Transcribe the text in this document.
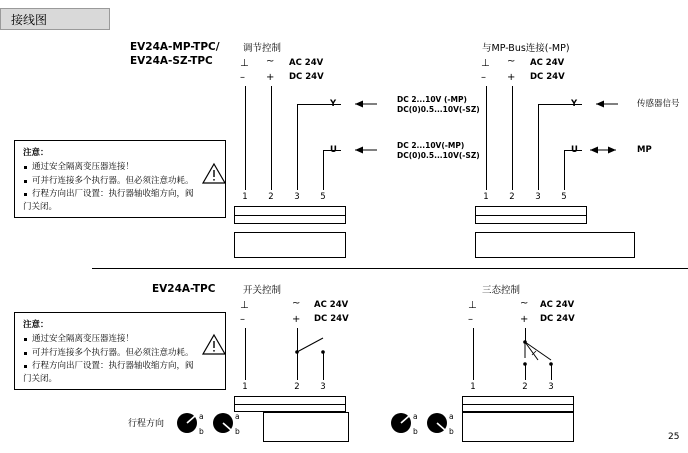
接线图
EV24A-MP-TPC/
EV24A-SZ-TPC
注意：
通过安全隔离变压器连接！
可并行连接多个执行器。但必须注意功耗。
行程方向出厂设置：执行器轴收缩方向，阀
门关闭。
调节控制
⊥ ~
– +
AC 24V
DC 24V
Y	DC 2...10V (-MP)
DC(0)0.5...10V(-SZ)
U	DC 2...10V(-MP)
DC(0)0.5...10V(-SZ)
1 2 3 5
与MP-Bus连接(-MP)
⊥ ~
– +
AC 24V
DC 24V
Y	传感器信号
U	MP
1 2 3 5
EV24A-TPC
注意：
通过安全隔离变压器连接！
可并行连接多个执行器。但必须注意功耗。
行程方向出厂设置：执行器轴收缩方向，阀
门关闭。
开关控制
⊥	~
–	+
AC 24V
DC 24V
1	2 3
行程方向
a
b
a
b
三态控制
⊥	~
–	+
AC 24V
DC 24V
1	2 3
a
b
a
b
25
